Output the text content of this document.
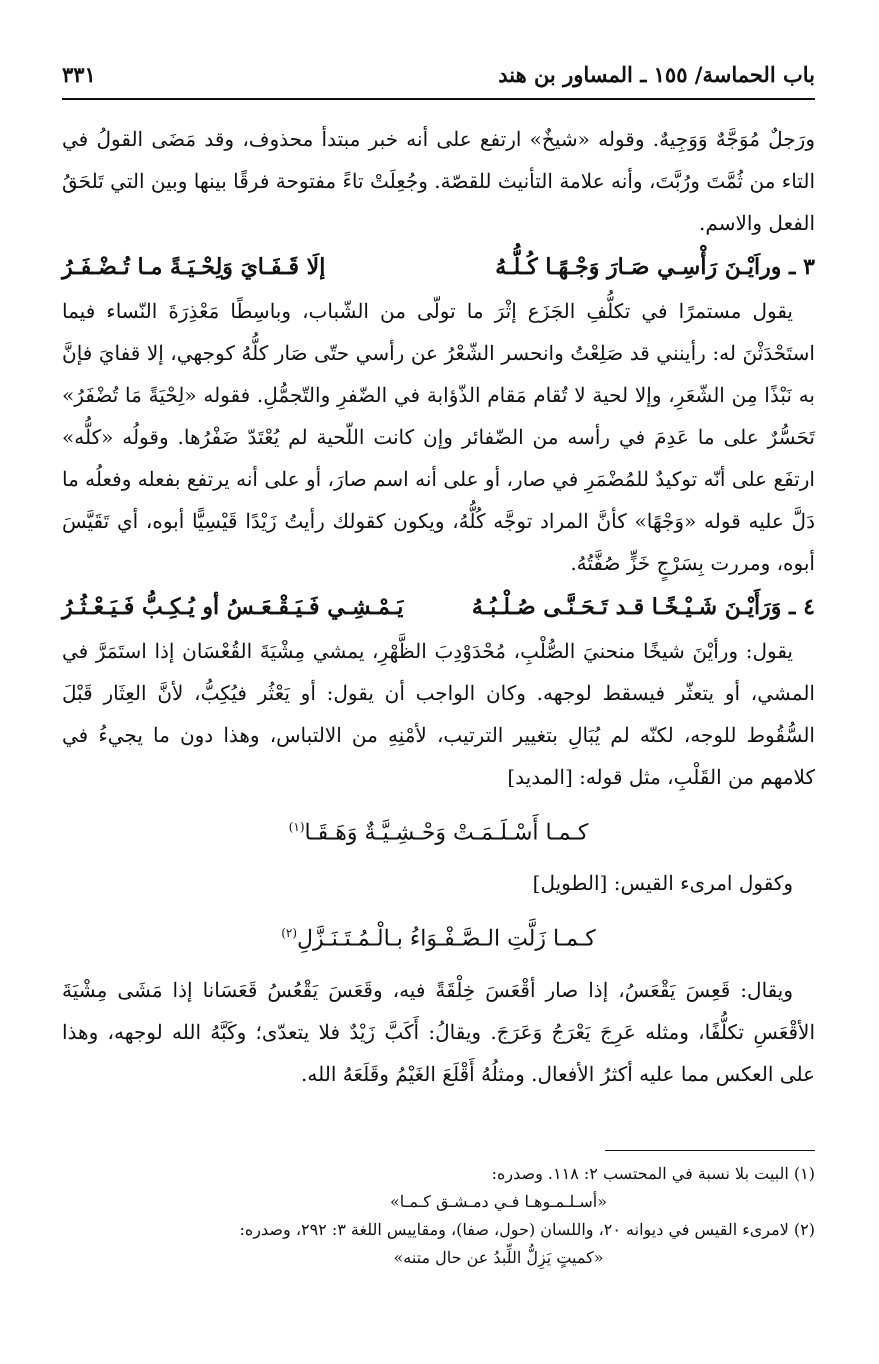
باب الحماسة/ ١٥٥ ـ المساور بن هند
٣٣١

ورَجلٌ مُوَجَّهٌ وَوَجِيهٌ. وقوله «شيخٌ» ارتفع على أنه خبر مبتدأ محذوف، وقد مَضَى القولُ في التاء من ثُمَّتَ ورُبَّتَ، وأنه علامة التأنيث للقصّة. وجُعِلَتْ تاءً مفتوحة فرقًا بينها وبين التي تَلحَقُ الفعل والاسم.

٣ ـ وراَيْـنَ رَأْسِـي صَـارَ وَجْـهًـا كُـلُّـهُ
إلَا قَـفَـايَ وَلِحْـيَـةً مـا تُـضْـفَـرُ

يقول مستمرًا في تكلُّفِ الجَزَع إثْرَ ما تولّى من الشّباب، وباسِطًا مَعْذِرَةَ النّساء فيما استَحْدَثْنَ له: رأينني قد صَلِعْتُ وانحسر الشّعْرُ عن رأسي حتّى صَار كلُّهُ كوجهي، إلا قفايَ فإنَّ به نَبْذًا مِن الشّعَرِ، وإلا لحية لا تُقام مَقام الذّؤابة في الضّفرِ والتّجمُّلِ. فقوله «لِحْيَةً مَا تُضْفَرُ» تَحَسُّرٌ على ما عَدِمَ في رأسه من الضّفائر وإن كانت اللّحية لم يُعْتَدّ ضَفْرُها. وقولُه «كلُّه» ارتفَع على أنّه توكيدٌ للمُضْمَرِ في صار، أو على أنه اسم صارَ، أو على أنه يرتفع بفعله وفعلُه ما دَلَّ عليه قوله «وَجْهًا» كأنَّ المراد توجَّه كُلُّهُ، ويكون كقولك رأيتُ زَيْدًا قَيْسِيًّا أبوه، أي تَقَيَّسَ أبوه، ومررت بِسَرْجٍ خَزٍّ صُفَّتُهُ.

٤ ـ وَرَأَيْـنَ شَـيْـخًـا قـد تَـحَـنَّـى صُـلْـبُـهُ
يَـمْـشِـي فَـيَـقْـعَـسُ أو يُـكِـبُّ فَـيَـعْـثُـرُ

يقول: ورأيْنَ شيخًا منحنيَ الصُّلْبِ، مُحْدَوْدِبَ الظَّهْرِ، يمشي مِشْيَةَ القُعْسَان إذا استَمَرَّ في المشي، أو يتعثّر فيسقط لوجهه. وكان الواجب أن يقول: أو يَعْثُر فيُكِبُّ، لأنَّ العِثَار قَبْلَ السُّقُوط للوجه، لكنّه لم يُبَالِ بتغيير الترتيب، لأمْنِهِ من الالتباس، وهذا دون ما يجيءُ في كلامهم من القَلْبِ، مثل قوله: [المديد]

كـمـا أَسْـلَـمَـتْ وَحْـشِـيَّـةٌ وَهَـقَـا$^{(١)}$

وكقول امرىء القيس: [الطويل]

كـمـا زَلَّتِ الـصَّـفْـوَاءُ بـالْـمُـتَـنَـزَّلِ$^{(٢)}$

ويقال: قَعِسَ يَقْعَسُ، إذا صار أقْعَسَ خِلْقَةً فيه، وقَعَسَ يَقْعُسُ قَعَسَانا إذا مَشَى مِشْيَةَ الأقْعَسِ تكلُّفًا، ومثله عَرِجَ يَعْرَجُ وَعَرَجَ. ويقالُ: أَكَبَّ زَيْدٌ فلا يتعدّى؛ وكَبَّهُ الله لوجهه، وهذا على العكس مما عليه أكثرُ الأفعال. ومثلُهُ أَقْلَعَ الغَيْمُ وقَلَعَهُ الله.

(١) البيت بلا نسبة في المحتسب ٢: ١١٨. وصدره:

«أسـلـمـوهـا فـي دمـشـق كـمـا»

(٢) لامرىء القيس في ديوانه ٢٠، واللسان (حول، صفا)، ومقاييس اللغة ٣: ٢٩٢، وصدره:

«كميتٍ يَزِلُّ اللِّبدُ عن حال متنه»
